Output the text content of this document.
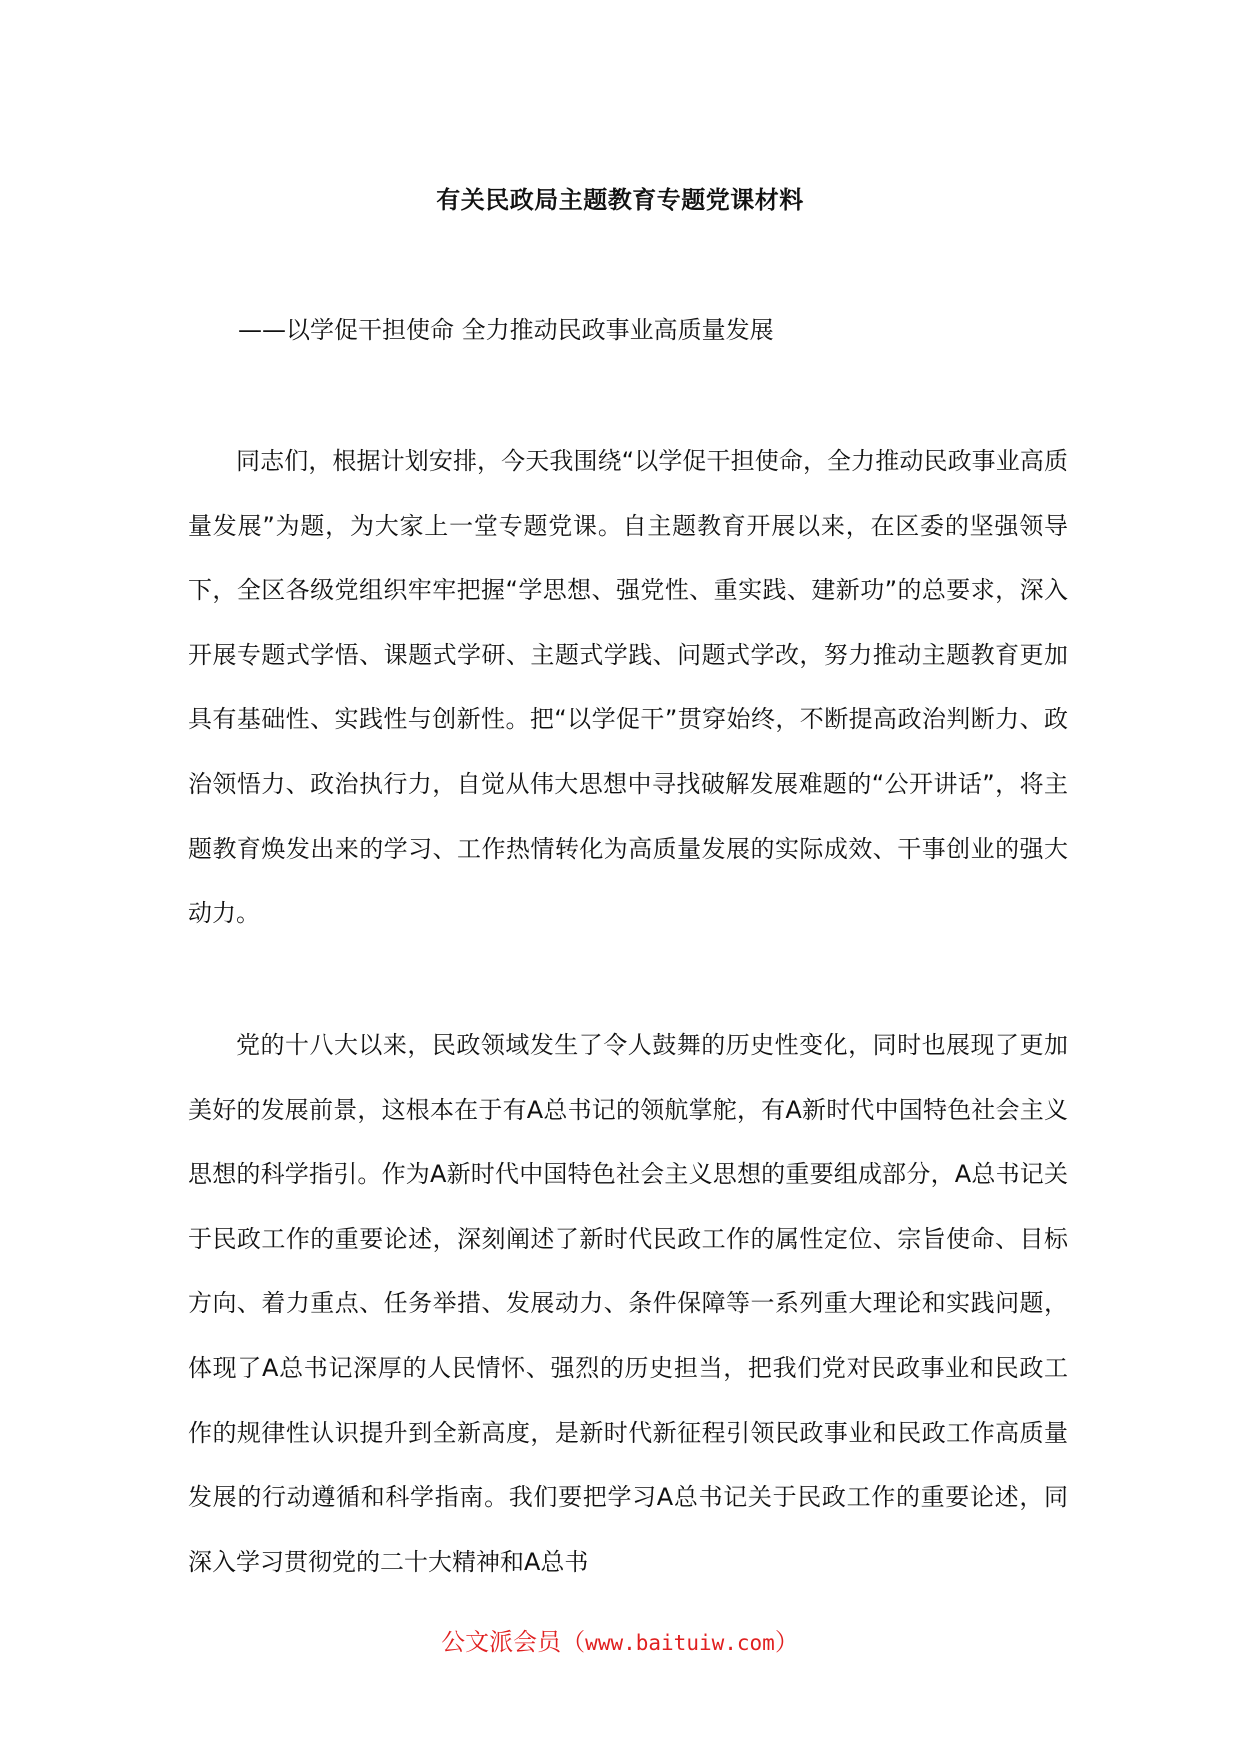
有关民政局主题教育专题党课材料
——以学促干担使命 全力推动民政事业高质量发展

同志们，根据计划安排，今天我围绕“以学促干担使命，全力推动民政事业高质量发展”为题，为大家上一堂专题党课。自主题教育开展以来，在区委的坚强领导下，全区各级党组织牢牢把握“学思想、强党性、重实践、建新功”的总要求，深入开展专题式学悟、课题式学研、主题式学践、问题式学改，努力推动主题教育更加具有基础性、实践性与创新性。把“以学促干”贯穿始终，不断提高政治判断力、政治领悟力、政治执行力，自觉从伟大思想中寻找破解发展难题的“公开讲话”，将主题教育焕发出来的学习、工作热情转化为高质量发展的实际成效、干事创业的强大动力。

党的十八大以来，民政领域发生了令人鼓舞的历史性变化，同时也展现了更加美好的发展前景，这根本在于有A总书记的领航掌舵，有A新时代中国特色社会主义思想的科学指引。作为A新时代中国特色社会主义思想的重要组成部分，A总书记关于民政工作的重要论述，深刻阐述了新时代民政工作的属性定位、宗旨使命、目标方向、着力重点、任务举措、发展动力、条件保障等一系列重大理论和实践问题，体现了A总书记深厚的人民情怀、强烈的历史担当，把我们党对民政事业和民政工作的规律性认识提升到全新高度，是新时代新征程引领民政事业和民政工作高质量发展的行动遵循和科学指南。我们要把学习A总书记关于民政工作的重要论述，同深入学习贯彻党的二十大精神和A总书

公文派会员（www.baituiw.com）
